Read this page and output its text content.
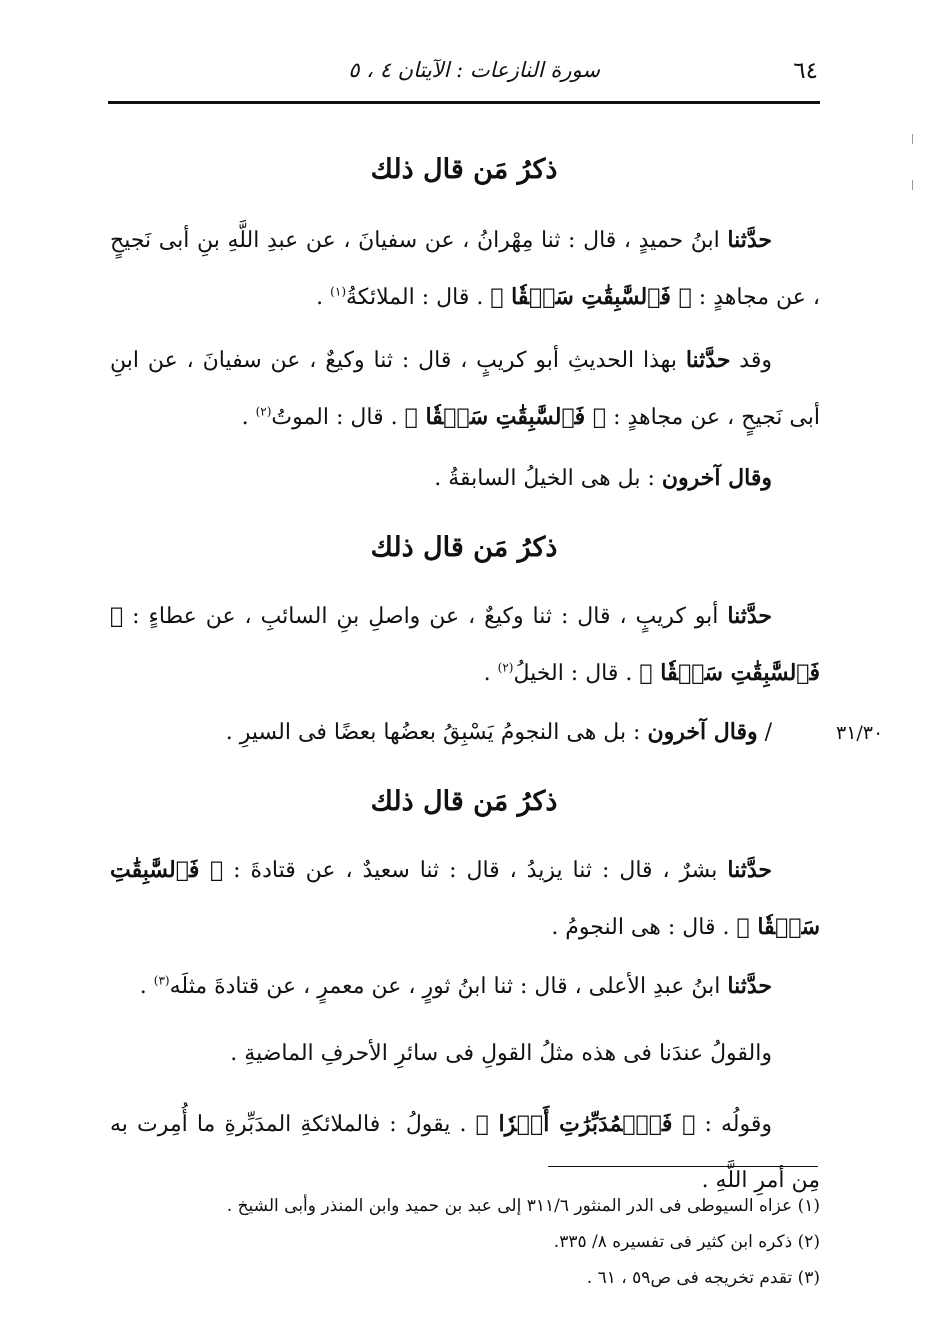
٦٤
سورة النازعات : الآيتان ٤ ، ٥
ذكرُ مَن قال ذلك
حدَّثنا ابنُ حميدٍ ، قال : ثنا مِهْرانُ ، عن سفيانَ ، عن عبدِ اللَّهِ بنِ أبى نَجيحٍ ، عن مجاهدٍ : ﴿ فَٱلسَّٰبِقَٰتِ سَبۡقٗا ﴾ . قال : الملائكةُ$^{(١)}$ .
وقد حدَّثنا بهذا الحديثِ أبو كريبٍ ، قال : ثنا وكيعٌ ، عن سفيانَ ، عن ابنِ أبى نَجيحٍ ، عن مجاهدٍ : ﴿ فَٱلسَّٰبِقَٰتِ سَبۡقٗا ﴾ . قال : الموتُ$^{(٢)}$ .
وقال آخرون : بل هى الخيلُ السابقةُ .
ذكرُ مَن قال ذلك
حدَّثنا أبو كريبٍ ، قال : ثنا وكيعٌ ، عن واصلِ بنِ السائبِ ، عن عطاءٍ : ﴿ فَٱلسَّٰبِقَٰتِ سَبۡقٗا ﴾ . قال : الخيلُ$^{(٢)}$ .
/ وقال آخرون : بل هى النجومُ يَسْبِقُ بعضُها بعضًا فى السيرِ .	٣١/٣٠
ذكرُ مَن قال ذلك
حدَّثنا بشرٌ ، قال : ثنا يزيدُ ، قال : ثنا سعيدٌ ، عن قتادةَ : ﴿ فَٱلسَّٰبِقَٰتِ سَبۡقٗا ﴾ . قال : هى النجومُ .
حدَّثنا ابنُ عبدِ الأعلى ، قال : ثنا ابنُ ثورٍ ، عن معمرٍ ، عن قتادةَ مثلَه$^{(٣)}$ .
والقولُ عندَنا فى هذه مثلُ القولِ فى سائرِ الأحرفِ الماضيةِ .
وقولُه : ﴿ فَٱلۡمُدَبِّرَٰتِ أَمۡرٗا ﴾ . يقولُ : فالملائكةِ المدَبِّرةِ ما أُمِرت به مِن أمرِ اللَّهِ .
(١) عزاه السيوطى فى الدر المنثور ٣١١/٦ إلى عبد بن حميد وابن المنذر وأبى الشيخ .
(٢) ذكره ابن كثير فى تفسيره ٨/ ٣٣٥.
(٣) تقدم تخريجه فى ص٥٩ ، ٦١ .
